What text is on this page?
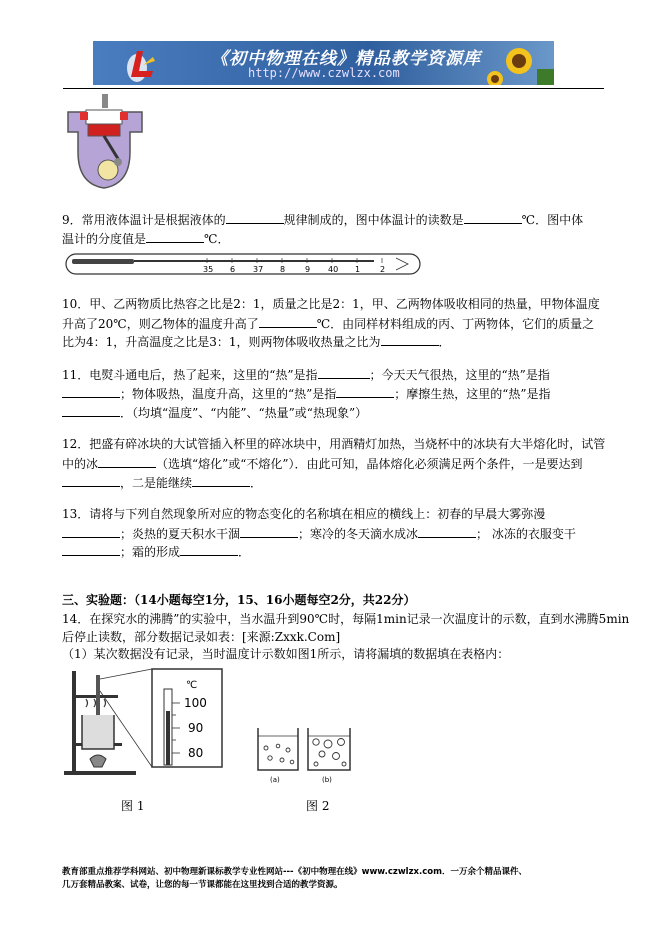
《初中物理在线》精品教学资源库
http://www.czwlzx.com
9．常用液体温计是根据液体的	规律制成的，图中体温计的读数是	℃．图中体
温计的分度值是	℃．
35 6 37 8 9 40 1 2
10．甲、乙两物质比热容之比是2：1，质量之比是2：1，甲、乙两物体吸收相同的热量，甲物体温度
升高了20℃，则乙物体的温度升高了	℃．由同样材料组成的丙、丁两物体，它们的质量之
比为4：1，升高温度之比是3：1，则两物体吸收热量之比为	．
11．电熨斗通电后，热了起来，这里的“热”是指	；今天天气很热，这里的“热”是指
；物体吸热，温度升高，这里的“热”是指	；摩擦生热，这里的“热”是指
．（均填“温度”、“内能”、“热量”或“热现象”）
12．把盛有碎冰块的大试管插入杯里的碎冰块中，用酒精灯加热，当烧杯中的冰块有大半熔化时，试管
中的冰	（选填“熔化”或“不熔化”）．由此可知，晶体熔化必须满足两个条件，一是要达到
，二是能继续	．
13．请将与下列自然现象所对应的物态变化的名称填在相应的横线上：初春的早晨大雾弥漫
；炎热的夏天积水干涸	；寒冷的冬天滴水成冰	； 冰冻的衣服变干
；霜的形成	．
三、实验题：（14小题每空1分，15、16小题每空2分，共22分）
14．在探究水的沸腾”的实验中，当水温升到90℃时，每隔1min记录一次温度计的示数，直到水沸腾5min
后停止读数，部分数据记录如表：[来源:Zxxk.Com]
（1）某次数据没有记录，当时温度计示数如图1所示，请将漏填的数据填在表格内：
℃
100
90
80
图 1
(a)	(b)
图 2
教育部重点推荐学科网站、初中物理新课标教学专业性网站---《初中物理在线》www.czwlzx.com．一万余个精品课件、
几万套精品教案、试卷，让您的每一节课都能在这里找到合适的教学资源。
